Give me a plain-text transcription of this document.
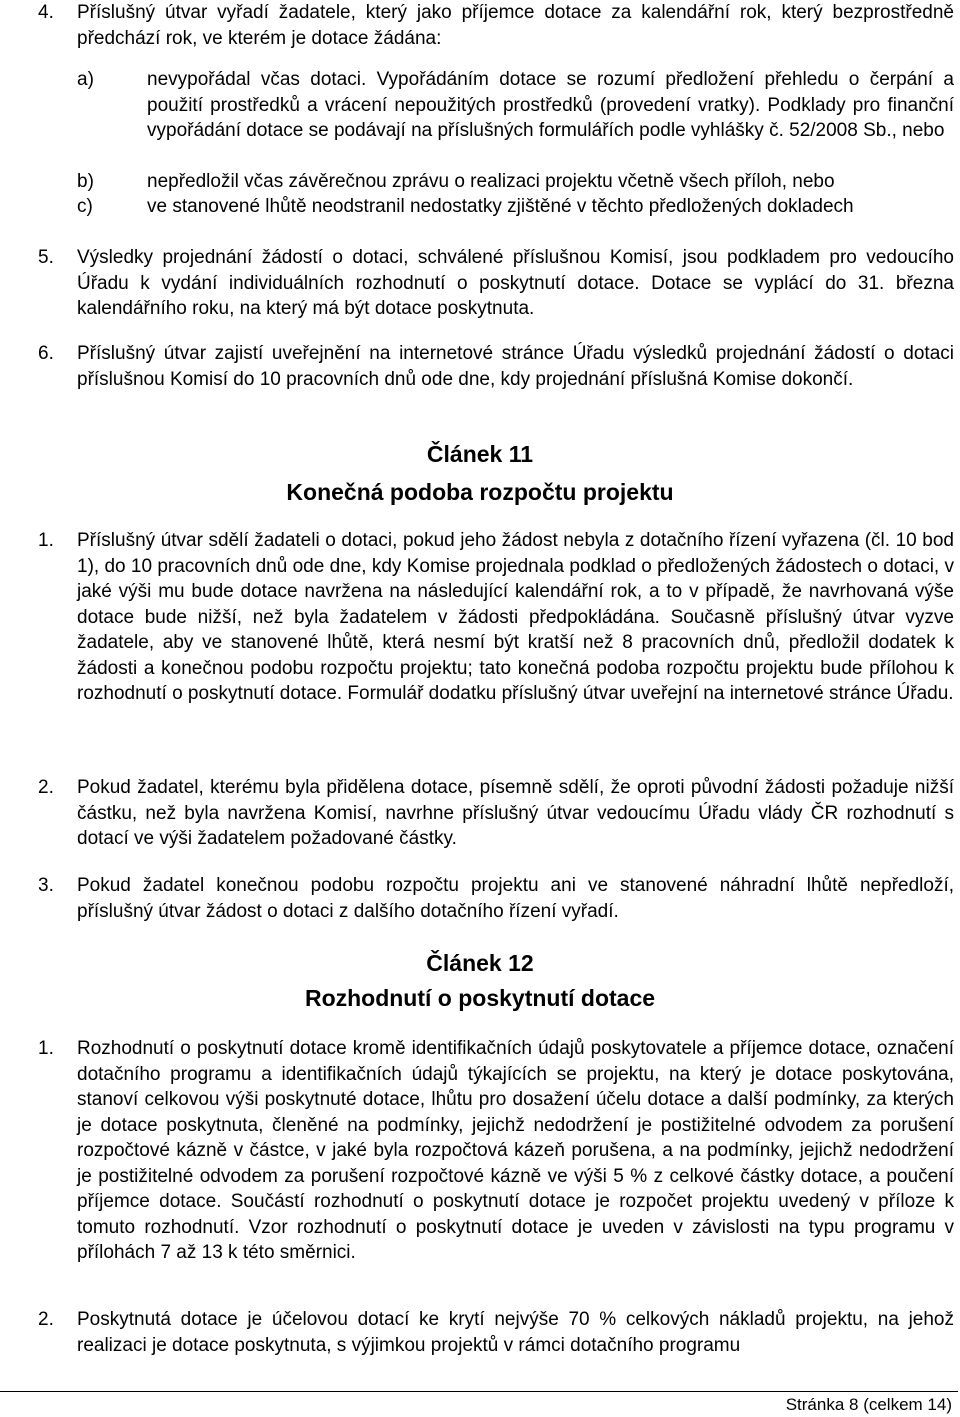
4. Příslušný útvar vyřadí žadatele, který jako příjemce dotace za kalendářní rok, který bezprostředně předchází rok, ve kterém je dotace žádána:
a)	nevypořádal včas dotaci. Vypořádáním dotace se rozumí předložení přehledu o čerpání a použití prostředků a vrácení nepoužitých prostředků (provedení vratky). Podklady pro finanční vypořádání dotace se podávají na příslušných formulářích podle vyhlášky č. 52/2008 Sb., nebo
b)	nepředložil včas závěrečnou zprávu o realizaci projektu včetně všech příloh, nebo
c)	ve stanovené lhůtě neodstranil nedostatky zjištěné v těchto předložených dokladech
5. Výsledky projednání žádostí o dotaci, schválené příslušnou Komisí, jsou podkladem pro vedoucího Úřadu k vydání individuálních rozhodnutí o poskytnutí dotace. Dotace se vyplácí do 31. března kalendářního roku, na který má být dotace poskytnuta.
6. Příslušný útvar zajistí uveřejnění na internetové stránce Úřadu výsledků projednání žádostí o dotaci příslušnou Komisí do 10 pracovních dnů ode dne, kdy projednání příslušná Komise dokončí.
Článek 11
Konečná podoba rozpočtu projektu
1. Příslušný útvar sdělí žadateli o dotaci, pokud jeho žádost nebyla z dotačního řízení vyřazena (čl. 10 bod 1), do 10 pracovních dnů ode dne, kdy Komise projednala podklad o předložených žádostech o dotaci, v jaké výši mu bude dotace navržena na následující kalendářní rok, a to v případě, že navrhovaná výše dotace bude nižší, než byla žadatelem v žádosti předpokládána. Současně příslušný útvar vyzve žadatele, aby ve stanovené lhůtě, která nesmí být kratší než 8 pracovních dnů, předložil dodatek k žádosti a konečnou podobu rozpočtu projektu; tato konečná podoba rozpočtu projektu bude přílohou k rozhodnutí o poskytnutí dotace. Formulář dodatku příslušný útvar uveřejní na internetové stránce Úřadu.
2. Pokud žadatel, kterému byla přidělena dotace, písemně sdělí, že oproti původní žádosti požaduje nižší částku, než byla navržena Komisí, navrhne příslušný útvar vedoucímu Úřadu vlády ČR rozhodnutí s dotací ve výši žadatelem požadované částky.
3. Pokud žadatel konečnou podobu rozpočtu projektu ani ve stanovené náhradní lhůtě nepředloží, příslušný útvar žádost o dotaci z dalšího dotačního řízení vyřadí.
Článek 12
Rozhodnutí o poskytnutí dotace
1. Rozhodnutí o poskytnutí dotace kromě identifikačních údajů poskytovatele a příjemce dotace, označení dotačního programu a identifikačních údajů týkajících se projektu, na který je dotace poskytována, stanoví celkovou výši poskytnuté dotace, lhůtu pro dosažení účelu dotace a další podmínky, za kterých je dotace poskytnuta, členěné na podmínky, jejichž nedodržení je postižitelné odvodem za porušení rozpočtové kázně v částce, v jaké byla rozpočtová kázeň porušena, a na podmínky, jejichž nedodržení je postižitelné odvodem za porušení rozpočtové kázně ve výši 5 % z celkové částky dotace, a poučení příjemce dotace. Součástí rozhodnutí o poskytnutí dotace je rozpočet projektu uvedený v příloze k tomuto rozhodnutí. Vzor rozhodnutí o poskytnutí dotace je uveden v závislosti na typu programu v přílohách 7 až 13 k této směrnici.
2. Poskytnutá dotace je účelovou dotací ke krytí nejvýše 70 % celkových nákladů projektu, na jehož realizaci je dotace poskytnuta, s výjimkou projektů v rámci dotačního programu
Stránka 8 (celkem 14)
